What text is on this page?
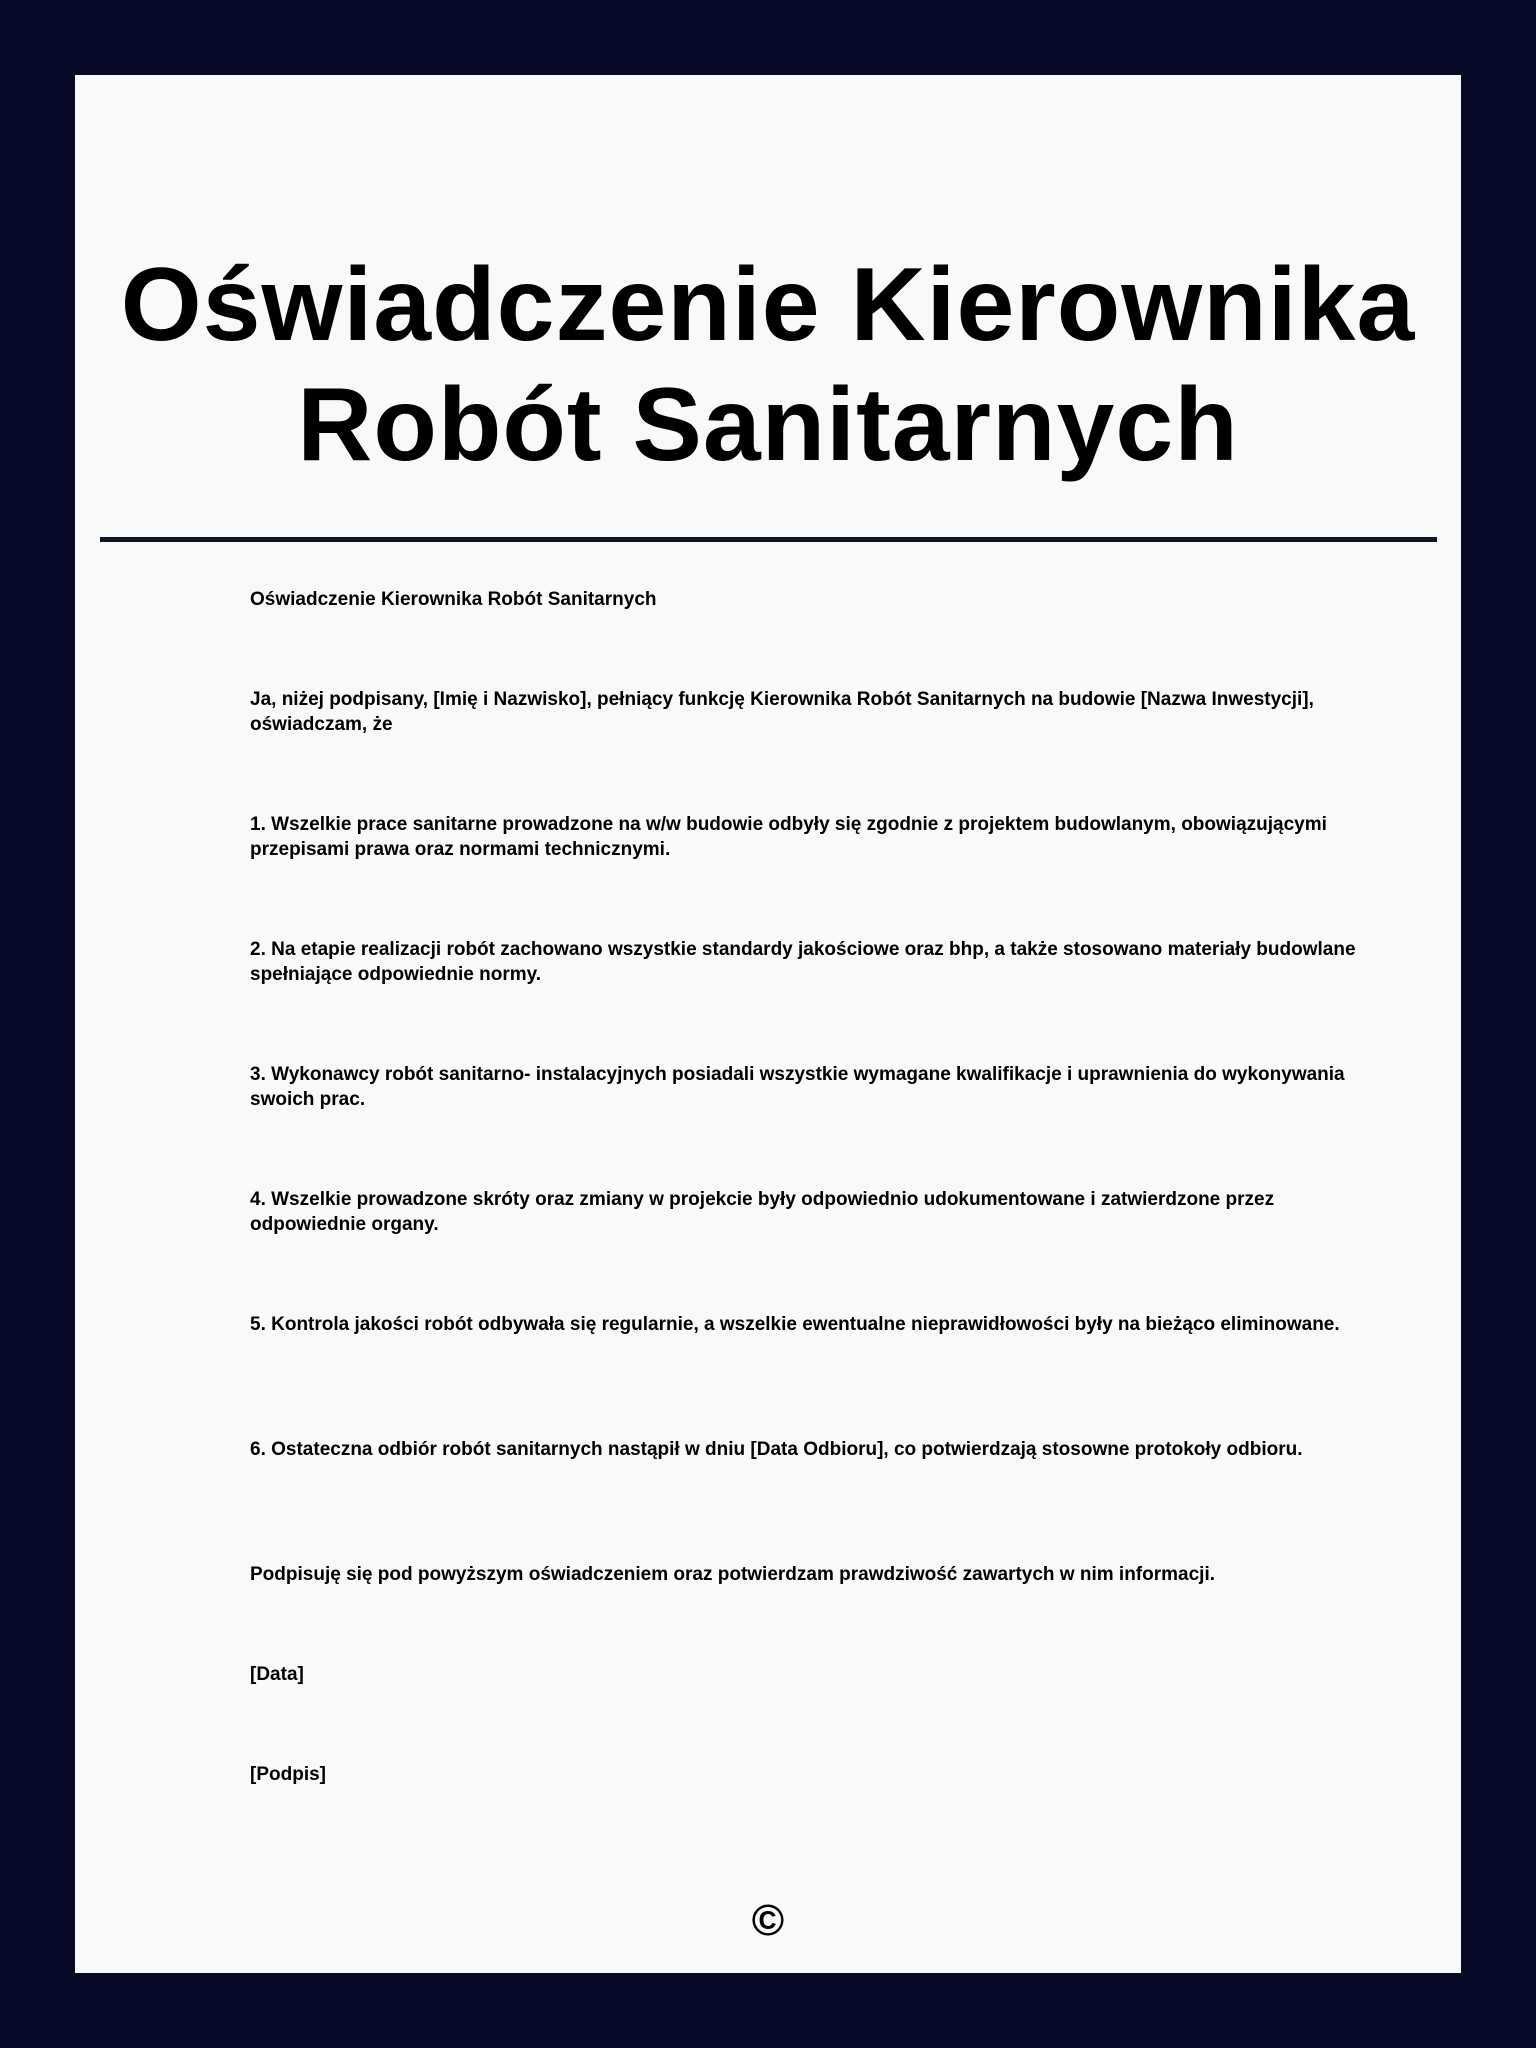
Oświadczenie Kierownika Robót Sanitarnych

Oświadczenie Kierownika Robót Sanitarnych

Ja, niżej podpisany, [Imię i Nazwisko], pełniący funkcję Kierownika Robót Sanitarnych na budowie [Nazwa Inwestycji], oświadczam, że

1. Wszelkie prace sanitarne prowadzone na w/w budowie odbyły się zgodnie z projektem budowlanym, obowiązującymi przepisami prawa oraz normami technicznymi.

2. Na etapie realizacji robót zachowano wszystkie standardy jakościowe oraz bhp, a także stosowano materiały budowlane spełniające odpowiednie normy.

3. Wykonawcy robót sanitarno- instalacyjnych posiadali wszystkie wymagane kwalifikacje i uprawnienia do wykonywania swoich prac.

4. Wszelkie prowadzone skróty oraz zmiany w projekcie były odpowiednio udokumentowane i zatwierdzone przez odpowiednie organy.

5. Kontrola jakości robót odbywała się regularnie, a wszelkie ewentualne nieprawidłowości były na bieżąco eliminowane.

6. Ostateczna odbiór robót sanitarnych nastąpił w dniu [Data Odbioru], co potwierdzają stosowne protokoły odbioru.

Podpisuję się pod powyższym oświadczeniem oraz potwierdzam prawdziwość zawartych w nim informacji.

[Data]

[Podpis]

©
